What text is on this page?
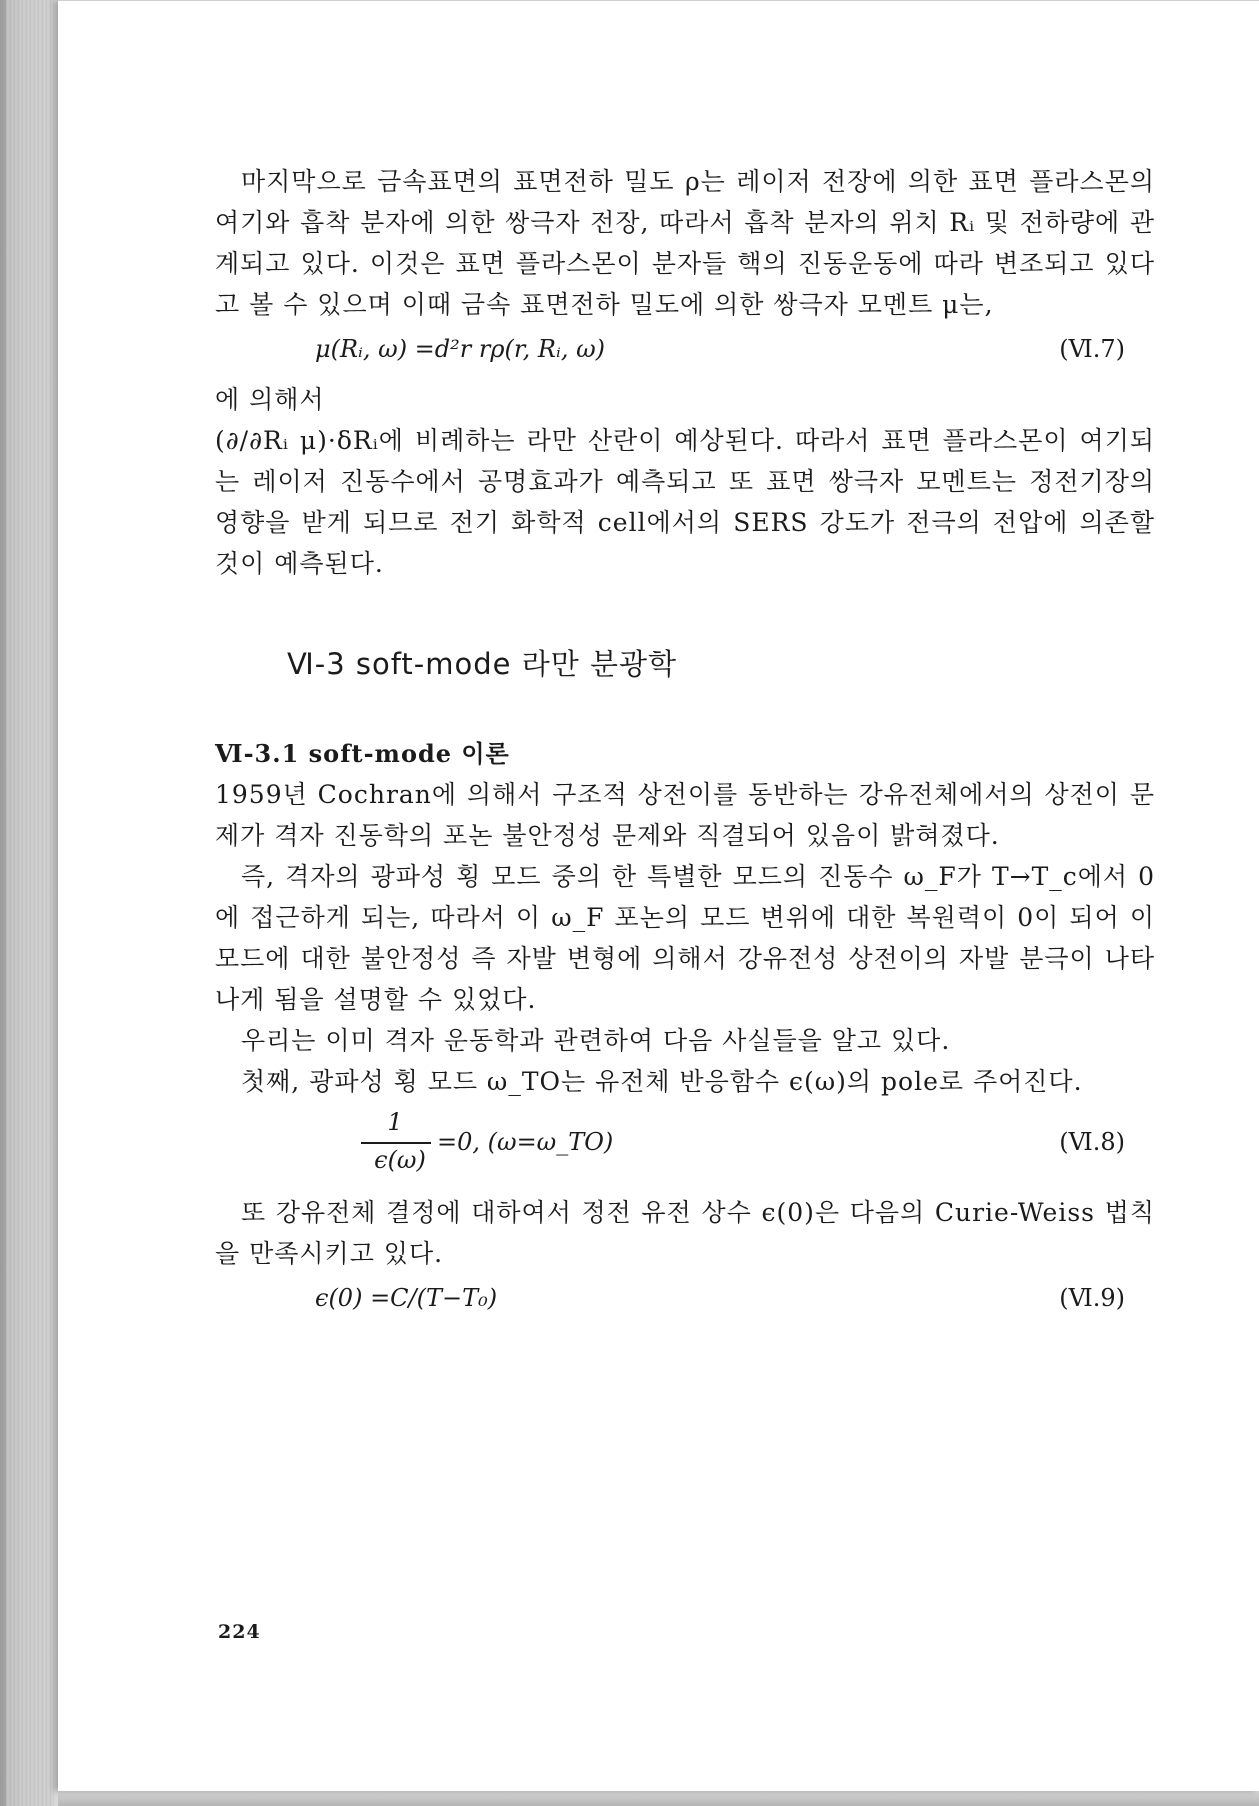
마지막으로 금속표면의 표면전하 밀도 ρ는 레이저 전장에 의한 표면 플라스몬의 여기와 흡착 분자에 의한 쌍극자 전장, 따라서 흡착 분자의 위치 Rᵢ 및 전하량에 관계되고 있다. 이것은 표면 플라스몬이 분자들 핵의 진동운동에 따라 변조되고 있다고 볼 수 있으며 이때 금속 표면전하 밀도에 의한 쌍극자 모멘트 μ는,

μ(Rᵢ, ω) =d²r rρ(r, Rᵢ, ω)	(Ⅵ.7)

에 의해서

(∂/∂Rᵢ μ)·δRᵢ에 비례하는 라만 산란이 예상된다. 따라서 표면 플라스몬이 여기되는 레이저 진동수에서 공명효과가 예측되고 또 표면 쌍극자 모멘트는 정전기장의 영향을 받게 되므로 전기 화학적 cell에서의 SERS 강도가 전극의 전압에 의존할 것이 예측된다.

Ⅵ-3 soft-mode 라만 분광학

Ⅵ-3.1 soft-mode 이론

1959년 Cochran에 의해서 구조적 상전이를 동반하는 강유전체에서의 상전이 문제가 격자 진동학의 포논 불안정성 문제와 직결되어 있음이 밝혀졌다.

즉, 격자의 광파성 횡 모드 중의 한 특별한 모드의 진동수 ω_F가 T→T_c에서 0에 접근하게 되는, 따라서 이 ω_F 포논의 모드 변위에 대한 복원력이 0이 되어 이 모드에 대한 불안정성 즉 자발 변형에 의해서 강유전성 상전이의 자발 분극이 나타나게 됨을 설명할 수 있었다.

우리는 이미 격자 운동학과 관련하여 다음 사실들을 알고 있다.

첫째, 광파성 횡 모드 ω_TO는 유전체 반응함수 ϵ(ω)의 pole로 주어진다.

1
ϵ(ω)
=0, (ω=ω_TO)	(Ⅵ.8)

또 강유전체 결정에 대하여서 정전 유전 상수 ϵ(0)은 다음의 Curie-Weiss 법칙을 만족시키고 있다.

ϵ(0) =C/(T−T₀)	(Ⅵ.9)
224
